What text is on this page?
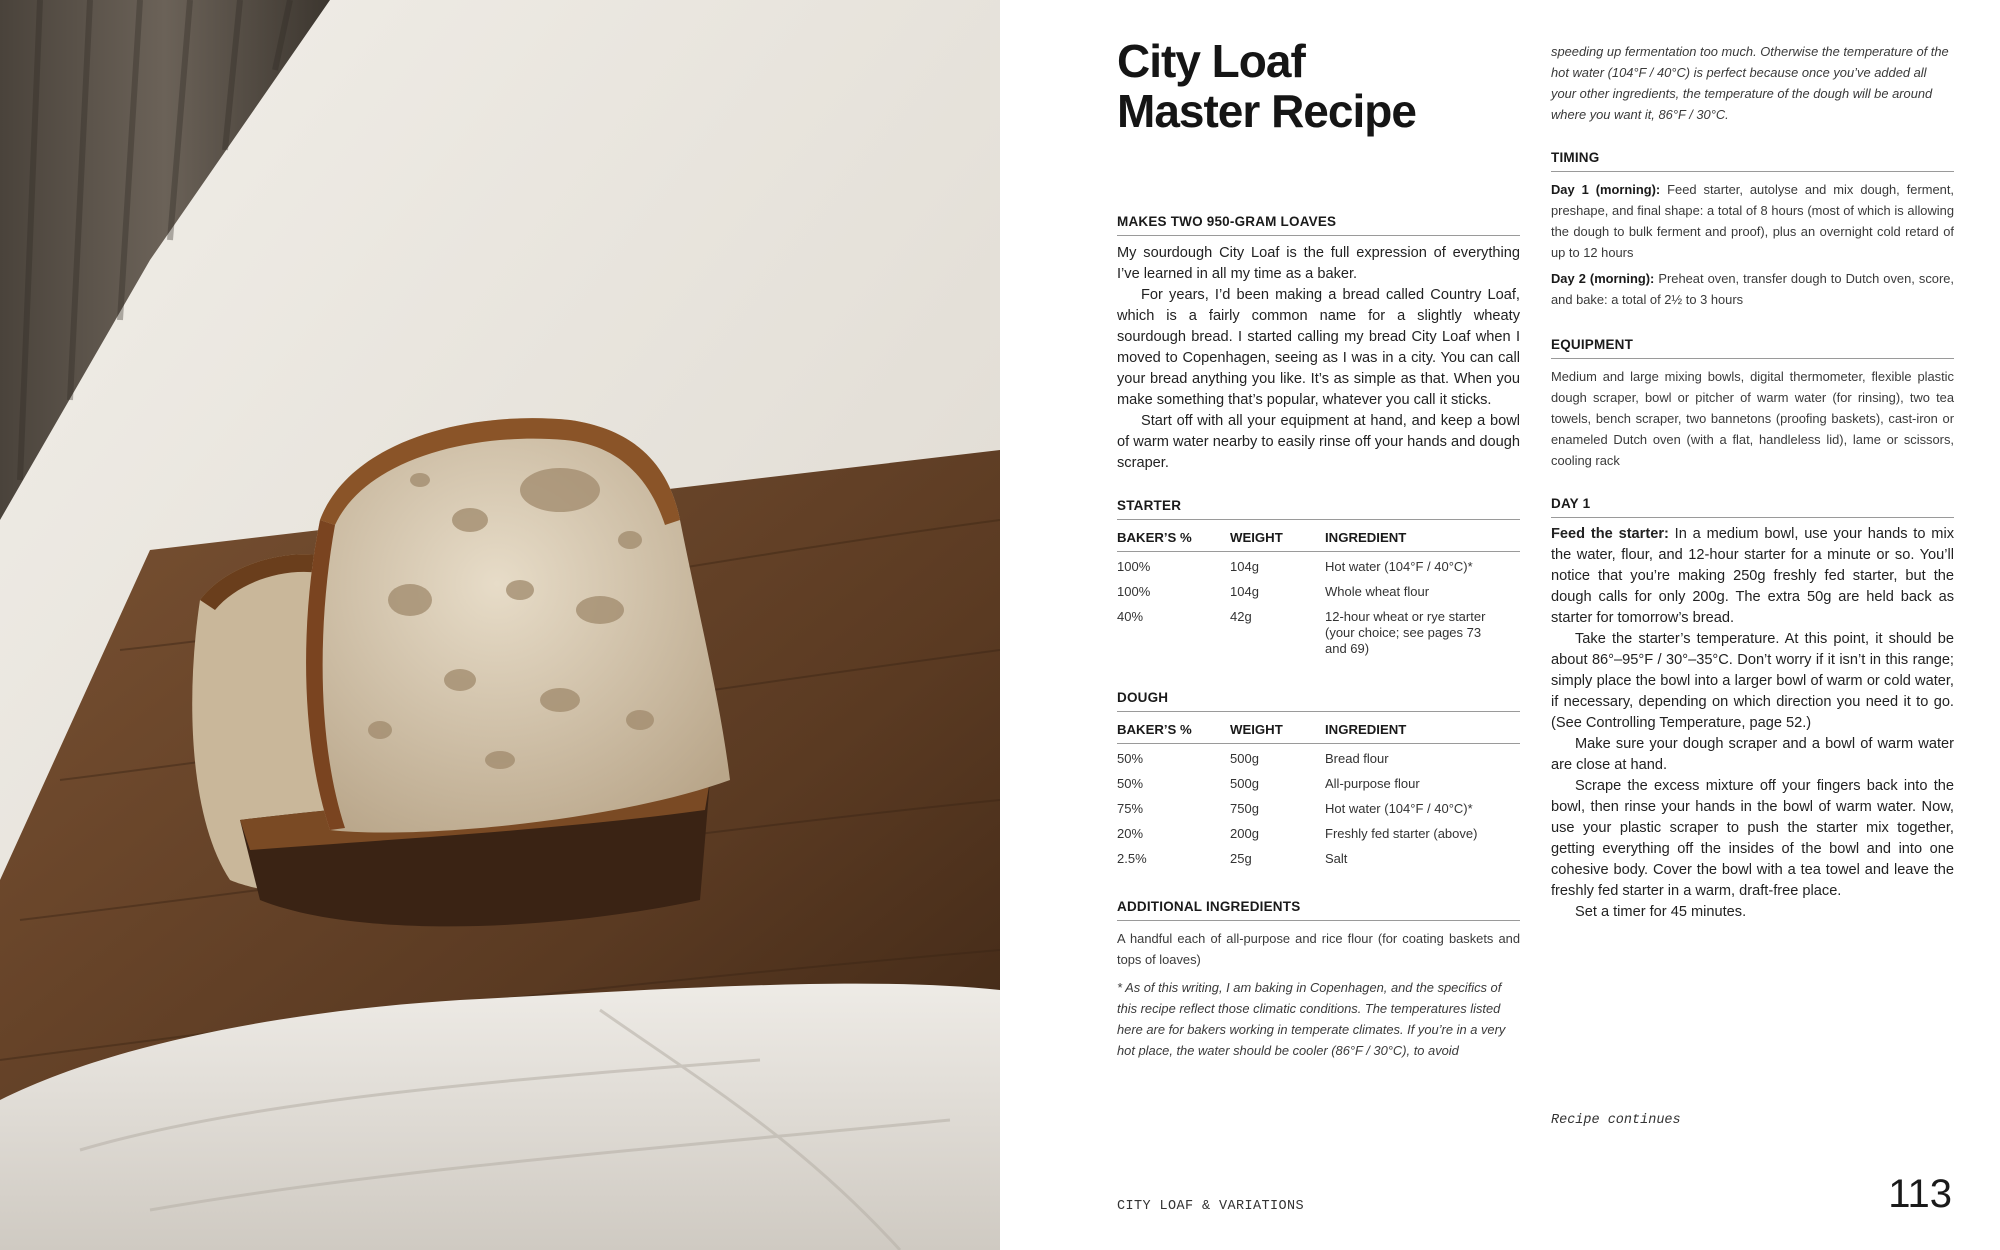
City Loaf
Master Recipe
MAKES TWO 950-GRAM LOAVES

My sourdough City Loaf is the full expression of everything I’ve learned in all my time as a baker.

For years, I’d been making a bread called Country Loaf, which is a fairly common name for a slightly wheaty sourdough bread. I started calling my bread City Loaf when I moved to Copenhagen, seeing as I was in a city. You can call your bread anything you like. It’s as simple as that. When you make something that’s popular, whatever you call it sticks.

Start off with all your equipment at hand, and keep a bowl of warm water nearby to easily rinse off your hands and dough scraper.

STARTER
BAKER’S %	WEIGHT	INGREDIENT
100%	104g	Hot water (104°F / 40°C)*
100%	104g	Whole wheat flour
40%	42g	12-hour wheat or rye starter (your choice; see pages 73 and 69)
DOUGH
BAKER’S %	WEIGHT	INGREDIENT
50%	500g	Bread flour
50%	500g	All-purpose flour
75%	750g	Hot water (104°F / 40°C)*
20%	200g	Freshly fed starter (above)
2.5%	25g	Salt
ADDITIONAL INGREDIENTS
A handful each of all-purpose and rice flour (for coating baskets and tops of loaves)
* As of this writing, I am baking in Copenhagen, and the specifics of this recipe reflect those climatic conditions. The temperatures listed here are for bakers working in temperate climates. If you’re in a very hot place, the water should be cooler (86°F / 30°C), to avoid
speeding up fermentation too much. Otherwise the temperature of the hot water (104°F / 40°C) is perfect because once you’ve added all your other ingredients, the temperature of the dough will be around where you want it, 86°F / 30°C.
TIMING

Day 1 (morning): Feed starter, autolyse and mix dough, ferment, preshape, and final shape: a total of 8 hours (most of which is allowing the dough to bulk ferment and proof), plus an overnight cold retard of up to 12 hours

Day 2 (morning): Preheat oven, transfer dough to Dutch oven, score, and bake: a total of 2½ to 3 hours

EQUIPMENT
Medium and large mixing bowls, digital thermometer, flexible plastic dough scraper, bowl or pitcher of warm water (for rinsing), two tea towels, bench scraper, two bannetons (proofing baskets), cast-iron or enameled Dutch oven (with a flat, handleless lid), lame or scissors, cooling rack
DAY 1

Feed the starter: In a medium bowl, use your hands to mix the water, flour, and 12-hour starter for a minute or so. You’ll notice that you’re making 250g freshly fed starter, but the dough calls for only 200g. The extra 50g are held back as starter for tomorrow’s bread.

Take the starter’s temperature. At this point, it should be about 86°–95°F / 30°–35°C. Don’t worry if it isn’t in this range; simply place the bowl into a larger bowl of warm or cold water, if necessary, depending on which direction you need it to go. (See Controlling Temperature, page 52.)

Make sure your dough scraper and a bowl of warm water are close at hand.

Scrape the excess mixture off your fingers back into the bowl, then rinse your hands in the bowl of warm water. Now, use your plastic scraper to push the starter mix together, getting everything off the insides of the bowl and into one cohesive body. Cover the bowl with a tea towel and leave the freshly fed starter in a warm, draft-free place.

Set a timer for 45 minutes.

Recipe continues
CITY LOAF & VARIATIONS	113
